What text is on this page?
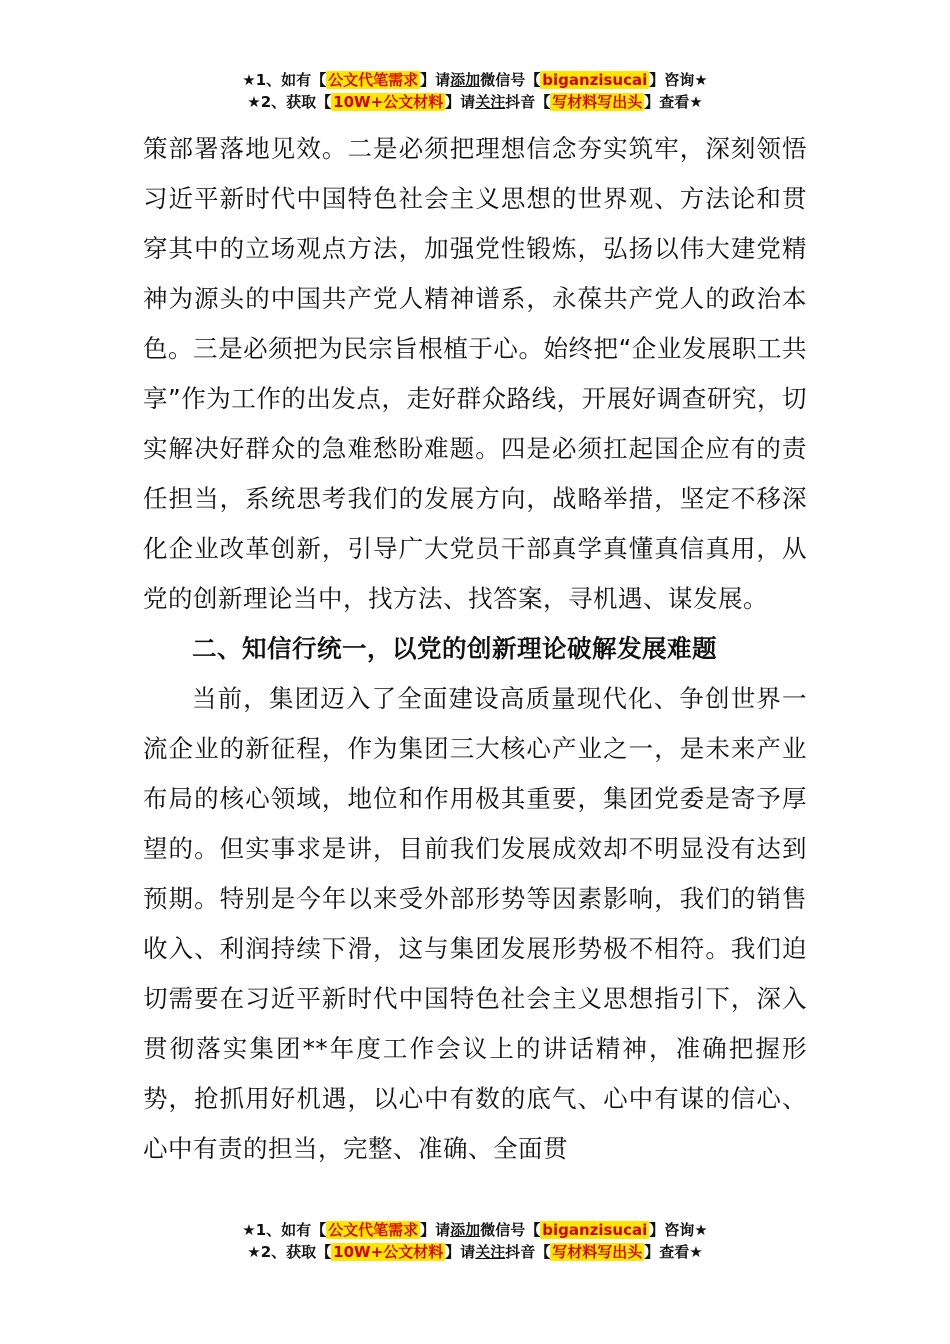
★1、如有【 公文代笔需求 】请添加微信号【 biganzisucai 】咨询★
★2、获取【 10W+公文材料 】请关注抖音【 写材料写出头 】查看★

策部署落地见效。二是必须把理想信念夯实筑牢，深刻领悟习近平新时代中国特色社会主义思想的世界观、方法论和贯穿其中的立场观点方法，加强党性锻炼，弘扬以伟大建党精神为源头的中国共产党人精神谱系，永葆共产党人的政治本色。三是必须把为民宗旨根植于心。始终把“企业发展职工共享”作为工作的出发点，走好群众路线，开展好调查研究，切实解决好群众的急难愁盼难题。四是必须扛起国企应有的责任担当，系统思考我们的发展方向，战略举措，坚定不移深化企业改革创新，引导广大党员干部真学真懂真信真用，从党的创新理论当中，找方法、找答案，寻机遇、谋发展。

二、知信行统一，以党的创新理论破解发展难题

当前，集团迈入了全面建设高质量现代化、争创世界一流企业的新征程，作为集团三大核心产业之一，是未来产业布局的核心领域，地位和作用极其重要，集团党委是寄予厚望的。但实事求是讲，目前我们发展成效却不明显没有达到预期。特别是今年以来受外部形势等因素影响，我们的销售收入、利润持续下滑，这与集团发展形势极不相符。我们迫切需要在习近平新时代中国特色社会主义思想指引下，深入贯彻落实集团**年度工作会议上的讲话精神，准确把握形势，抢抓用好机遇，以心中有数的底气、心中有谋的信心、心中有责的担当，完整、准确、全面贯

★1、如有【 公文代笔需求 】请添加微信号【 biganzisucai 】咨询★
★2、获取【 10W+公文材料 】请关注抖音【 写材料写出头 】查看★
